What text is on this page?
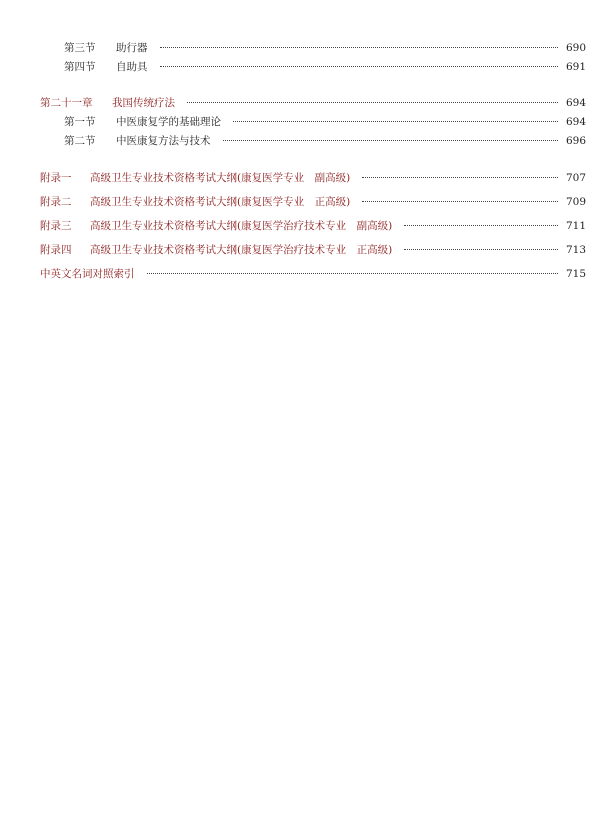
第三节	助行器	690
第四节	自助具	691
第二十一章	我国传统疗法	694
第一节	中医康复学的基础理论	694
第二节	中医康复方法与技术	696
附录一	高级卫生专业技术资格考试大纲(康复医学专业　副高级)	707
附录二	高级卫生专业技术资格考试大纲(康复医学专业　正高级)	709
附录三	高级卫生专业技术资格考试大纲(康复医学治疗技术专业　副高级)	711
附录四	高级卫生专业技术资格考试大纲(康复医学治疗技术专业　正高级)	713
中英文名词对照索引	715
